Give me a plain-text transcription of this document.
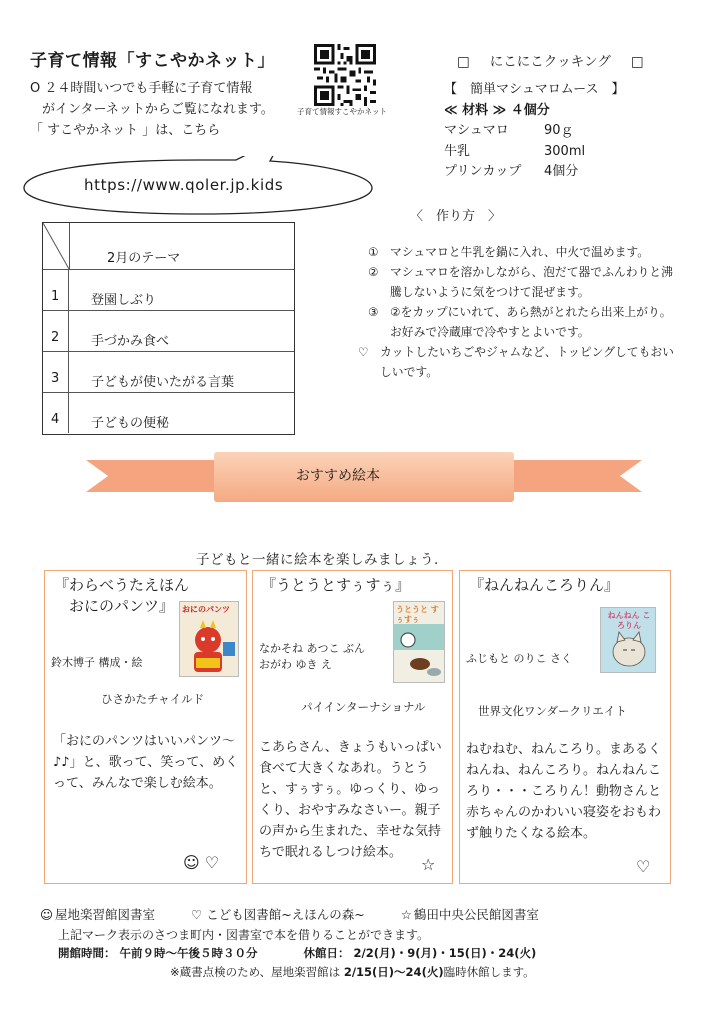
子育て情報「すこやかネット」
O ２４時間いつでも手軽に子育て情報
がインターネットからご覧になれます。
「 すこやかネット 」は、こちら
子育て情報すこやかネット
https://www.qoler.jp.kids
□ にこにこクッキング □
【　簡単マシュマロムース　】
≪ 材料 ≫ ４個分
マシュマロ	90ｇ
牛乳	300ml
プリンカップ	4個分
〈　作り方　〉
① マシュマロと牛乳を鍋に入れ、中火で温めます。
② マシュマロを溶かしながら、泡だて器でふんわりと沸騰しないように気をつけて混ぜます。
③ ②をカップにいれて、あら熱がとれたら出来上がり。お好みで冷蔵庫で冷やすとよいです。
♡ カットしたいちごやジャムなど、トッピングしてもおいしいです。
2月のテーマ
1	登園しぶり
2	手づかみ食べ
3	子どもが使いたがる言葉
4	子どもの便秘
おすすめ絵本
子どもと一緒に絵本を楽しみましょう.
『わらべうたえほん
　おにのパンツ』 おにのパンツ
鈴木博子 構成・絵
ひさかたチャイルド
「おにのパンツはいいパンツ～♪♪」と、歌って、笑って、めくって、みんなで楽しむ絵本。
☺ ♡
『うとうとすぅすぅ』
うとうと すぅすぅ
なかそね あつこ ぶん
おがわ ゆき え
パイインターナショナル
こあらさん、きょうもいっぱい食べて大きくなあれ。うとうと、すぅすぅ。ゆっくり、ゆっくり、おやすみなさいー。親子の声から生まれた、幸せな気持ちで眠れるしつけ絵本。
☆
『ねんねんころりん』
ねんねん ころりん
ふじもと のりこ さく
世界文化ワンダークリエイト
ねむねむ、ねんころり。まあるくねんね、ねんころり。ねんねんころり・・・ころりん！動物さんと赤ちゃんのかわいい寝姿をおもわず触りたくなる絵本。
♡
☺ 屋地楽習館図書室	♡ こども図書館~えほんの森~	☆ 鶴田中央公民館図書室
上記マーク表示のさつま町内・図書室で本を借りることができます。
開館時間： 午前９時～午後５時３０分	休館日： 2/2(月)・9(月)・15(日)・24(火)
※蔵書点検のため、屋地楽習館は 2/15(日)～24(火)臨時休館します。
